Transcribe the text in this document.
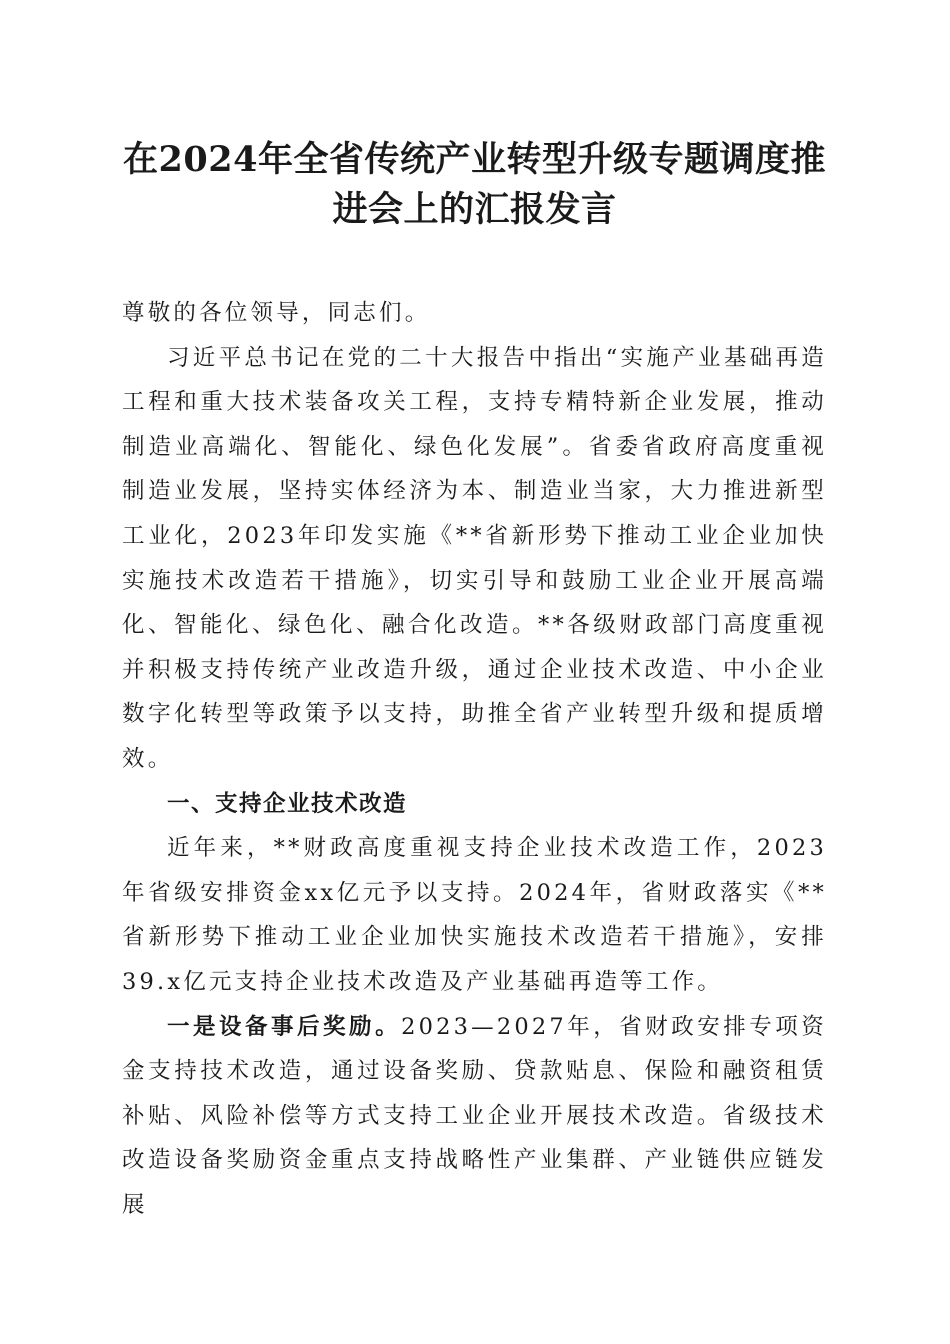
在2024年全省传统产业转型升级专题调度推
进会上的汇报发言

尊敬的各位领导，同志们。

习近平总书记在党的二十大报告中指出“实施产业基础再造工程和重大技术装备攻关工程，支持专精特新企业发展，推动制造业高端化、智能化、绿色化发展”。省委省政府高度重视制造业发展，坚持实体经济为本、制造业当家，大力推进新型工业化，2023年印发实施《**省新形势下推动工业企业加快实施技术改造若干措施》，切实引导和鼓励工业企业开展高端化、智能化、绿色化、融合化改造。**各级财政部门高度重视并积极支持传统产业改造升级，通过企业技术改造、中小企业数字化转型等政策予以支持，助推全省产业转型升级和提质增效。

一、支持企业技术改造

近年来，**财政高度重视支持企业技术改造工作，2023年省级安排资金xx亿元予以支持。2024年，省财政落实《**省新形势下推动工业企业加快实施技术改造若干措施》，安排39.x亿元支持企业技术改造及产业基础再造等工作。

一是设备事后奖励。2023—2027年，省财政安排专项资金支持技术改造，通过设备奖励、贷款贴息、保险和融资租赁补贴、风险补偿等方式支持工业企业开展技术改造。省级技术改造设备奖励资金重点支持战略性产业集群、产业链供应链发展
